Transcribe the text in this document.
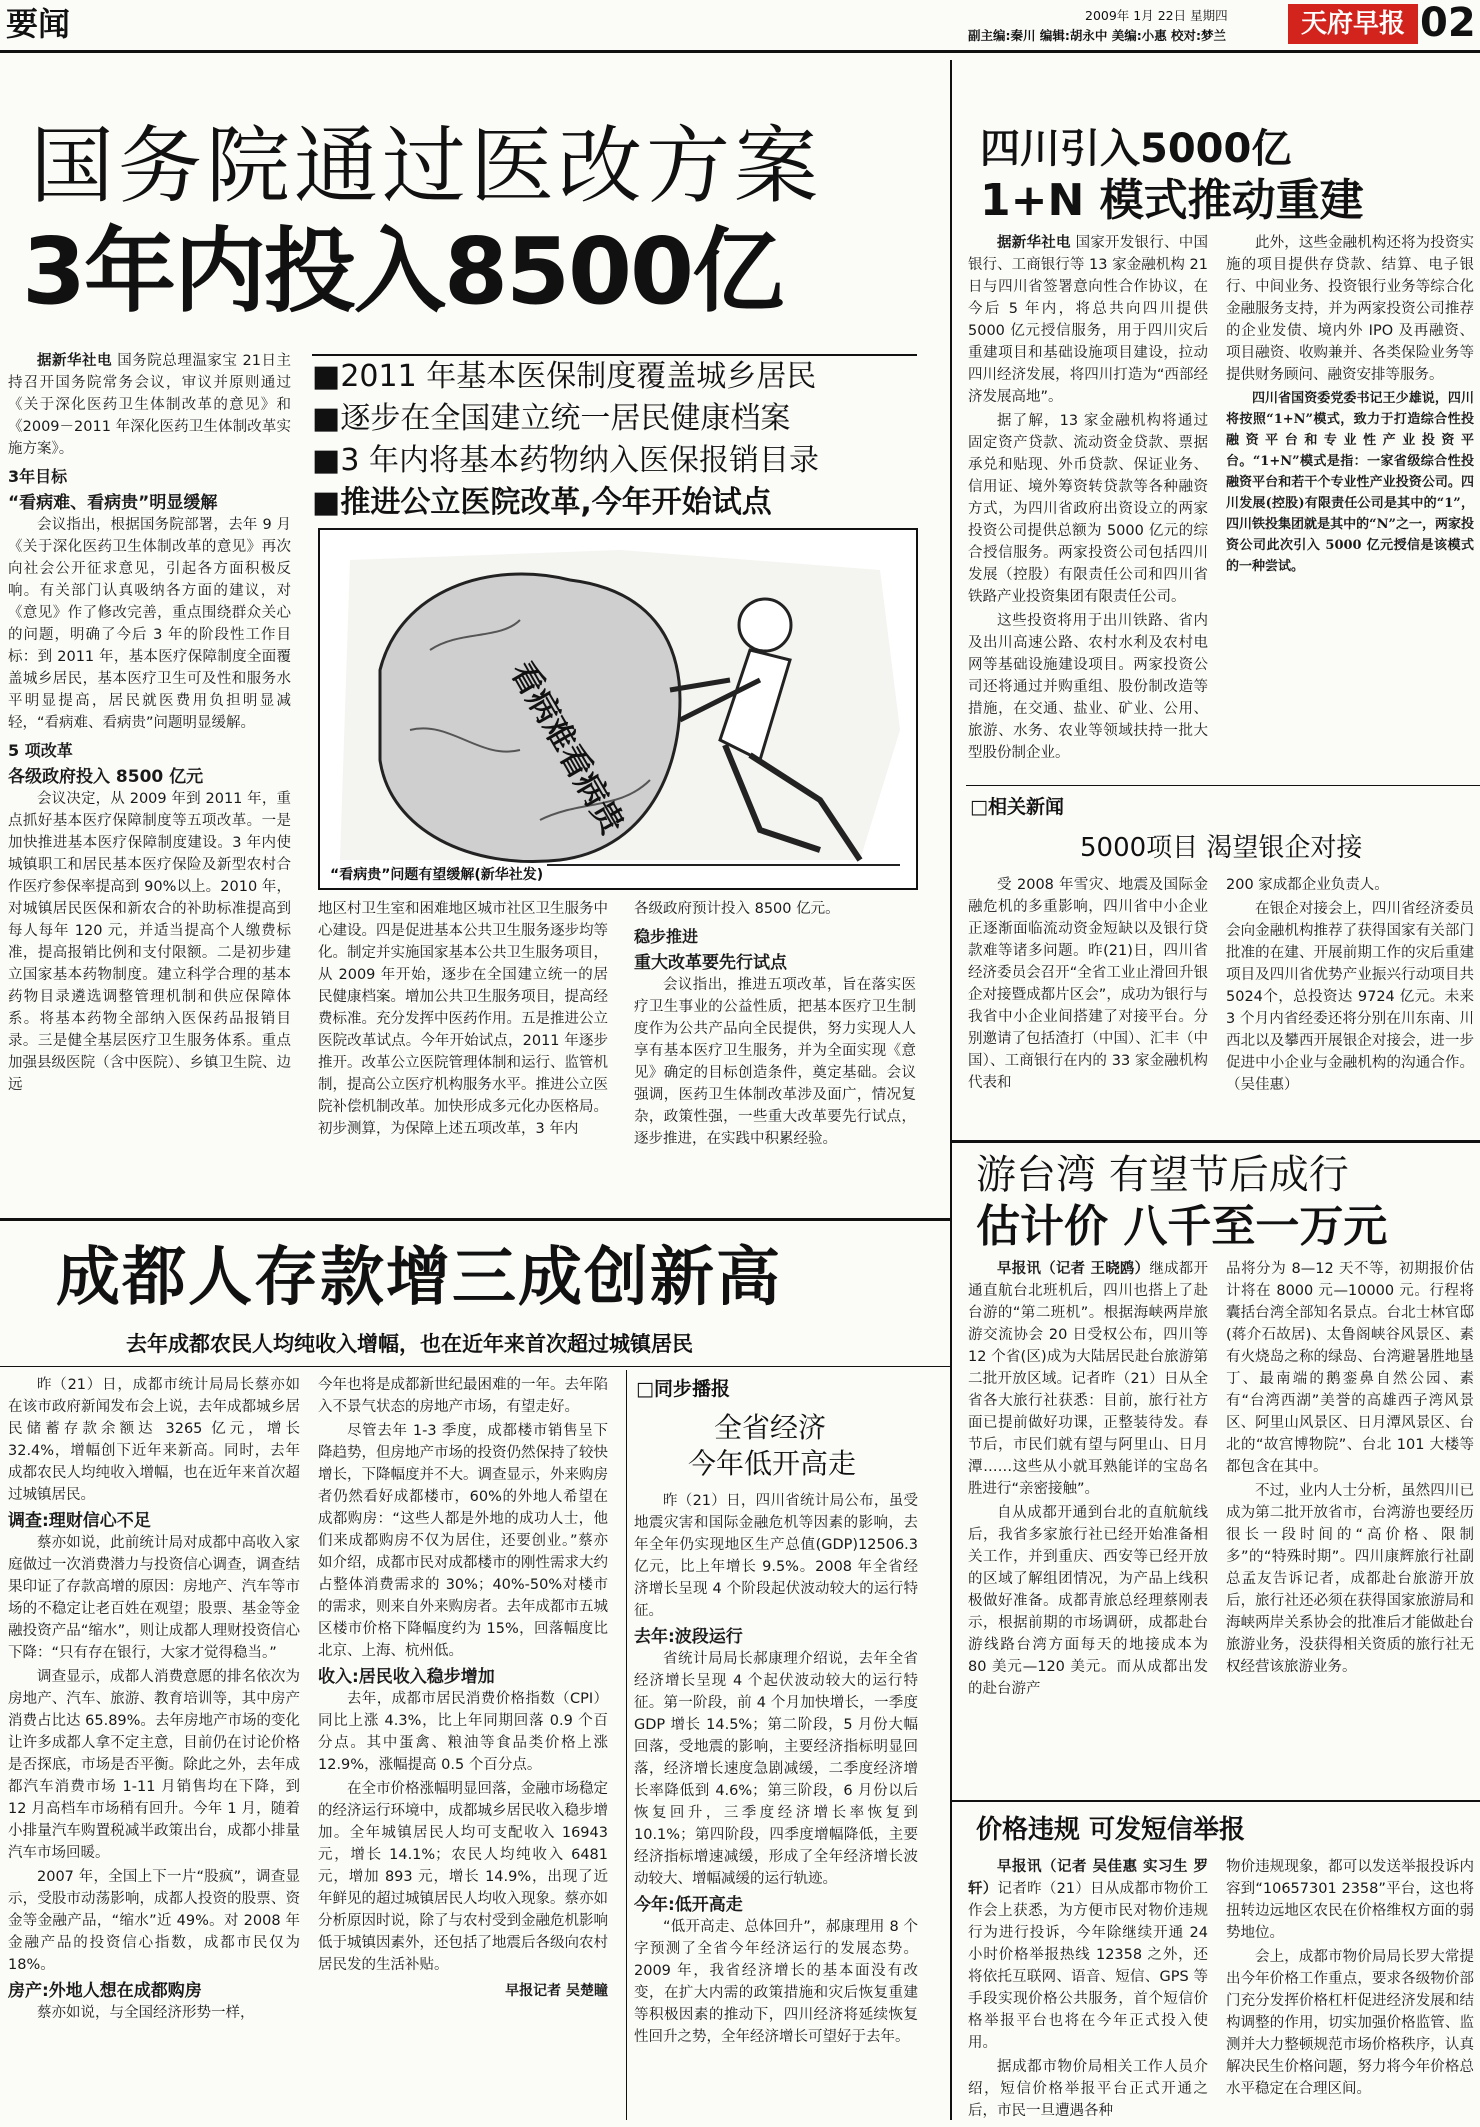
要闻	2009年 1月 22日 星期四
副主编:秦川 编辑:胡永中 美编:小惠 校对:梦兰	天府早报 02
国务院通过医改方案
3年内投入8500亿

据新华社电 国务院总理温家宝 21日主持召开国务院常务会议，审议并原则通过《关于深化医药卫生体制改革的意见》和《2009－2011 年深化医药卫生体制改革实施方案》。

3年目标
“看病难、看病贵”明显缓解

会议指出，根据国务院部署，去年 9 月《关于深化医药卫生体制改革的意见》再次向社会公开征求意见，引起各方面积极反响。有关部门认真吸纳各方面的建议，对《意见》作了修改完善，重点围绕群众关心的问题，明确了今后 3 年的阶段性工作目标：到 2011 年，基本医疗保障制度全面覆盖城乡居民，基本医疗卫生可及性和服务水平明显提高，居民就医费用负担明显减轻，“看病难、看病贵”问题明显缓解。

5 项改革
各级政府投入 8500 亿元

会议决定，从 2009 年到 2011 年，重点抓好基本医疗保障制度等五项改革。一是加快推进基本医疗保障制度建设。3 年内使城镇职工和居民基本医疗保险及新型农村合作医疗参保率提高到 90%以上。2010 年，对城镇居民医保和新农合的补助标准提高到每人每年 120 元，并适当提高个人缴费标准，提高报销比例和支付限额。二是初步建立国家基本药物制度。建立科学合理的基本药物目录遴选调整管理机制和供应保障体系。将基本药物全部纳入医保药品报销目录。三是健全基层医疗卫生服务体系。重点加强县级医院（含中医院）、乡镇卫生院、边远

■2011 年基本医保制度覆盖城乡居民
■逐步在全国建立统一居民健康档案
■3 年内将基本药物纳入医保报销目录
■推进公立医院改革,今年开始试点
看病难看病贵
“看病贵”问题有望缓解(新华社发)

地区村卫生室和困难地区城市社区卫生服务中心建设。四是促进基本公共卫生服务逐步均等化。制定并实施国家基本公共卫生服务项目，从 2009 年开始，逐步在全国建立统一的居民健康档案。增加公共卫生服务项目，提高经费标准。充分发挥中医药作用。五是推进公立医院改革试点。今年开始试点，2011 年逐步推开。改革公立医院管理体制和运行、监管机制，提高公立医疗机构服务水平。推进公立医院补偿机制改革。加快形成多元化办医格局。初步测算，为保障上述五项改革，3 年内

各级政府预计投入 8500 亿元。

稳步推进
重大改革要先行试点

会议指出，推进五项改革，旨在落实医疗卫生事业的公益性质，把基本医疗卫生制度作为公共产品向全民提供，努力实现人人享有基本医疗卫生服务，并为全面实现《意见》确定的目标创造条件，奠定基础。会议强调，医药卫生体制改革涉及面广，情况复杂，政策性强，一些重大改革要先行试点，逐步推进，在实践中积累经验。

四川引入5000亿
1+N 模式推动重建

据新华社电 国家开发银行、中国银行、工商银行等 13 家金融机构 21 日与四川省签署意向性合作协议，在今后 5 年内，将总共向四川提供 5000 亿元授信服务，用于四川灾后重建项目和基础设施项目建设，拉动四川经济发展，将四川打造为“西部经济发展高地”。

据了解，13 家金融机构将通过固定资产贷款、流动资金贷款、票据承兑和贴现、外币贷款、保证业务、信用证、境外筹资转贷款等各种融资方式，为四川省政府出资设立的两家投资公司提供总额为 5000 亿元的综合授信服务。两家投资公司包括四川发展（控股）有限责任公司和四川省铁路产业投资集团有限责任公司。

这些投资将用于出川铁路、省内及出川高速公路、农村水利及农村电网等基础设施建设项目。两家投资公司还将通过并购重组、股份制改造等措施，在交通、盐业、矿业、公用、旅游、水务、农业等领域扶持一批大型股份制企业。

此外，这些金融机构还将为投资实施的项目提供存贷款、结算、电子银行、中间业务、投资银行业务等综合化金融服务支持，并为两家投资公司推荐的企业发债、境内外 IPO 及再融资、项目融资、收购兼并、各类保险业务等提供财务顾问、融资安排等服务。

四川省国资委党委书记王少雄说，四川将按照“1+N”模式，致力于打造综合性投融资平台和专业性产业投资平台。“1+N”模式是指：一家省级综合性投融资平台和若干个专业性产业投资公司。四川发展(控股)有限责任公司是其中的“1”，四川铁投集团就是其中的“N”之一，两家投资公司此次引入 5000 亿元授信是该模式的一种尝试。

□相关新闻
5000项目 渴望银企对接

受 2008 年雪灾、地震及国际金融危机的多重影响，四川省中小企业正逐渐面临流动资金短缺以及银行贷款难等诸多问题。昨(21)日，四川省经济委员会召开“全省工业止滑回升银企对接暨成都片区会”，成功为银行与我省中小企业间搭建了对接平台。分别邀请了包括渣打（中国）、汇丰（中国）、工商银行在内的 33 家金融机构代表和

200 家成都企业负责人。

在银企对接会上，四川省经济委员会向金融机构推荐了获得国家有关部门批准的在建、开展前期工作的灾后重建项目及四川省优势产业振兴行动项目共 5024个，总投资达 9724 亿元。未来 3 个月内省经委还将分别在川东南、川西北以及攀西开展银企对接会，进一步促进中小企业与金融机构的沟通合作。（吴佳惠）

游台湾 有望节后成行
估计价 八千至一万元

早报讯（记者 王晓鸥）继成都开通直航台北班机后，四川也搭上了赴台游的“第二班机”。根据海峡两岸旅游交流协会 20 日受权公布，四川等 12 个省(区)成为大陆居民赴台旅游第二批开放区域。记者昨（21）日从全省各大旅行社获悉：目前，旅行社方面已提前做好功课，正整装待发。春节后，市民们就有望与阿里山、日月潭……这些从小就耳熟能详的宝岛名胜进行“亲密接触”。

自从成都开通到台北的直航航线后，我省多家旅行社已经开始准备相关工作，并到重庆、西安等已经开放的区域了解组团情况，为产品上线积极做好准备。成都青旅总经理蔡刚表示，根据前期的市场调研，成都赴台游线路台湾方面每天的地接成本为 80 美元—120 美元。而从成都出发的赴台游产

品将分为 8—12 天不等，初期报价估计将在 8000 元—10000 元。行程将囊括台湾全部知名景点。台北士林官邸(蒋介石故居)、太鲁阁峡谷风景区、素有火烧岛之称的绿岛、台湾避暑胜地垦丁、最南端的鹅銮鼻自然公园、素有“台湾西湖”美誉的高雄西子湾风景区、阿里山风景区、日月潭风景区、台北的“故宫博物院”、台北 101 大楼等都包含在其中。

不过，业内人士分析，虽然四川已成为第二批开放省市，台湾游也要经历很长一段时间的“高价格、限制多”的“特殊时期”。四川康辉旅行社副总孟友告诉记者，成都赴台旅游开放后，旅行社还必须在获得国家旅游局和海峡两岸关系协会的批准后才能做赴台旅游业务，没获得相关资质的旅行社无权经营该旅游业务。

价格违规 可发短信举报

早报讯（记者 吴佳惠 实习生 罗轩）记者昨（21）日从成都市物价工作会上获悉，为方便市民对物价违规行为进行投诉，今年除继续开通 24 小时价格举报热线 12358 之外，还将依托互联网、语音、短信、GPS 等手段实现价格公共服务，首个短信价格举报平台也将在今年正式投入使用。

据成都市物价局相关工作人员介绍，短信价格举报平台正式开通之后，市民一旦遭遇各种

物价违规现象，都可以发送举报投诉内容到“10657301 2358”平台，这也将扭转边远地区农民在价格维权方面的弱势地位。

会上，成都市物价局局长罗大常提出今年价格工作重点，要求各级物价部门充分发挥价格杠杆促进经济发展和结构调整的作用，切实加强价格监管、监测并大力整顿规范市场价格秩序，认真解决民生价格问题，努力将今年价格总水平稳定在合理区间。

成都人存款增三成创新高
去年成都农民人均纯收入增幅，也在近年来首次超过城镇居民

昨（21）日，成都市统计局局长蔡亦如在该市政府新闻发布会上说，去年成都城乡居民储蓄存款余额达 3265 亿元，增长 32.4%，增幅创下近年来新高。同时，去年成都农民人均纯收入增幅，也在近年来首次超过城镇居民。

调查:理财信心不足

蔡亦如说，此前统计局对成都中高收入家庭做过一次消费潜力与投资信心调查，调查结果印证了存款高增的原因：房地产、汽车等市场的不稳定让老百姓在观望；股票、基金等金融投资产品“缩水”，则让成都人理财投资信心下降：“只有存在银行，大家才觉得稳当。”

调查显示，成都人消费意愿的排名依次为房地产、汽车、旅游、教育培训等，其中房产消费占比达 65.89%。去年房地产市场的变化让许多成都人拿不定主意，目前仍在讨论价格是否探底，市场是否平衡。除此之外，去年成都汽车消费市场 1-11 月销售均在下降，到 12 月高档车市场稍有回升。今年 1 月，随着小排量汽车购置税减半政策出台，成都小排量汽车市场回暖。

2007 年，全国上下一片“股疯”，调查显示，受股市动荡影响，成都人投资的股票、资金等金融产品，“缩水”近 49%。对 2008 年金融产品的投资信心指数，成都市民仅为 18%。

房产:外地人想在成都购房

蔡亦如说，与全国经济形势一样，

今年也将是成都新世纪最困难的一年。去年陷入不景气状态的房地产市场，有望走好。

尽管去年 1-3 季度，成都楼市销售呈下降趋势，但房地产市场的投资仍然保持了较快增长，下降幅度并不大。调查显示，外来购房者仍然看好成都楼市，60%的外地人希望在成都购房：“这些人都是外地的成功人士，他们来成都购房不仅为居住，还要创业。”蔡亦如介绍，成都市民对成都楼市的刚性需求大约占整体消费需求的 30%；40%-50%对楼市的需求，则来自外来购房者。去年成都市五城区楼市价格下降幅度约为 15%，回落幅度比北京、上海、杭州低。

收入:居民收入稳步增加

去年，成都市居民消费价格指数（CPI）同比上涨 4.3%，比上年同期回落 0.9 个百分点。其中蛋禽、粮油等食品类价格上涨 12.9%，涨幅提高 0.5 个百分点。

在全市价格涨幅明显回落，金融市场稳定的经济运行环境中，成都城乡居民收入稳步增加。全年城镇居民人均可支配收入 16943 元，增长 14.1%；农民人均纯收入 6481 元，增加 893 元，增长 14.9%，出现了近年鲜见的超过城镇居民人均收入现象。蔡亦如分析原因时说，除了与农村受到金融危机影响低于城镇因素外，还包括了地震后各级向农村居民发的生活补贴。

早报记者 吴楚瞳
□同步播报
全省经济
今年低开高走

昨（21）日，四川省统计局公布，虽受地震灾害和国际金融危机等因素的影响，去年全年仍实现地区生产总值(GDP)12506.3 亿元，比上年增长 9.5%。2008 年全省经济增长呈现 4 个阶段起伏波动较大的运行特征。

去年:波段运行

省统计局局长郝康理介绍说，去年全省经济增长呈现 4 个起伏波动较大的运行特征。第一阶段，前 4 个月加快增长，一季度 GDP 增长 14.5%；第二阶段，5 月份大幅回落，受地震的影响，主要经济指标明显回落，经济增长速度急剧减缓，二季度经济增长率降低到 4.6%；第三阶段，6 月份以后恢复回升，三季度经济增长率恢复到 10.1%；第四阶段，四季度增幅降低，主要经济指标增速减缓，形成了全年经济增长波动较大、增幅减缓的运行轨迹。

今年:低开高走

“低开高走、总体回升”，郝康理用 8 个字预测了全省今年经济运行的发展态势。2009 年，我省经济增长的基本面没有改变，在扩大内需的政策措施和灾后恢复重建等积极因素的推动下，四川经济将延续恢复性回升之势，全年经济增长可望好于去年。
